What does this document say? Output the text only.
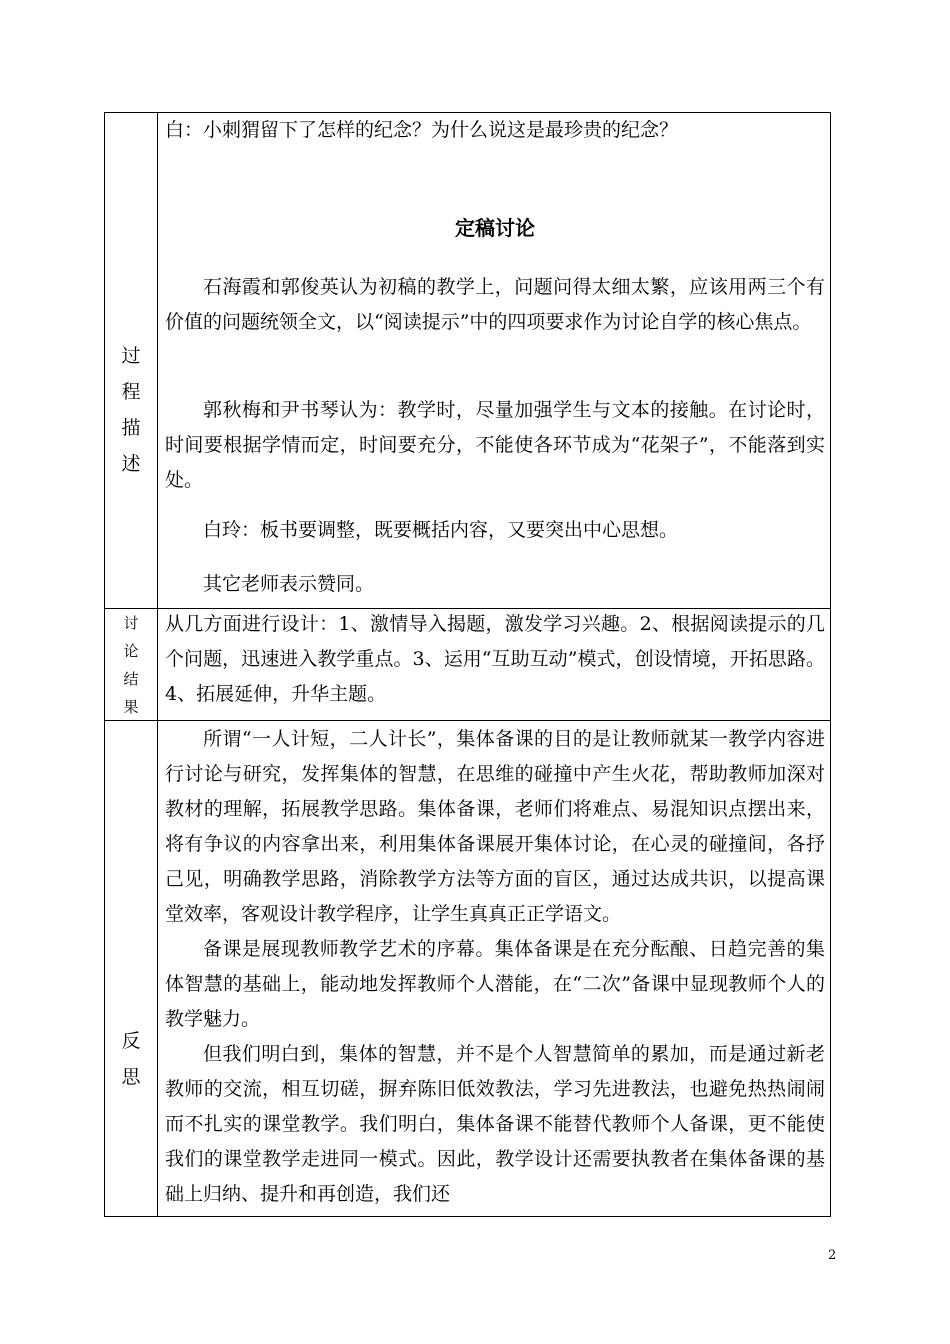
过
程
描
述

白：小刺猬留下了怎样的纪念？为什么说这是最珍贵的纪念？

定稿讨论

石海霞和郭俊英认为初稿的教学上，问题问得太细太繁，应该用两三个有价值的问题统领全文，以“阅读提示”中的四项要求作为讨论自学的核心焦点。

郭秋梅和尹书琴认为：教学时，尽量加强学生与文本的接触。在讨论时，时间要根据学情而定，时间要充分，不能使各环节成为“花架子”，不能落到实处。

白玲：板书要调整，既要概括内容，又要突出中心思想。

其它老师表示赞同。

讨
论
结
果

从几方面进行设计：1、激情导入揭题，激发学习兴趣。2、根据阅读提示的几个问题，迅速进入教学重点。3、运用“互助互动”模式，创设情境，开拓思路。4、拓展延伸，升华主题。

反
思

所谓“一人计短，二人计长”，集体备课的目的是让教师就某一教学内容进行讨论与研究，发挥集体的智慧，在思维的碰撞中产生火花，帮助教师加深对教材的理解，拓展教学思路。集体备课，老师们将难点、易混知识点摆出来，将有争议的内容拿出来，利用集体备课展开集体讨论，在心灵的碰撞间，各抒己见，明确教学思路，消除教学方法等方面的盲区，通过达成共识，以提高课堂效率，客观设计教学程序，让学生真真正正学语文。

备课是展现教师教学艺术的序幕。集体备课是在充分酝酿、日趋完善的集体智慧的基础上，能动地发挥教师个人潜能，在“二次”备课中显现教师个人的教学魅力。

但我们明白到，集体的智慧，并不是个人智慧简单的累加，而是通过新老教师的交流，相互切磋，摒弃陈旧低效教法，学习先进教法，也避免热热闹闹而不扎实的课堂教学。我们明白，集体备课不能替代教师个人备课，更不能使我们的课堂教学走进同一模式。因此，教学设计还需要执教者在集体备课的基础上归纳、提升和再创造，我们还

2
